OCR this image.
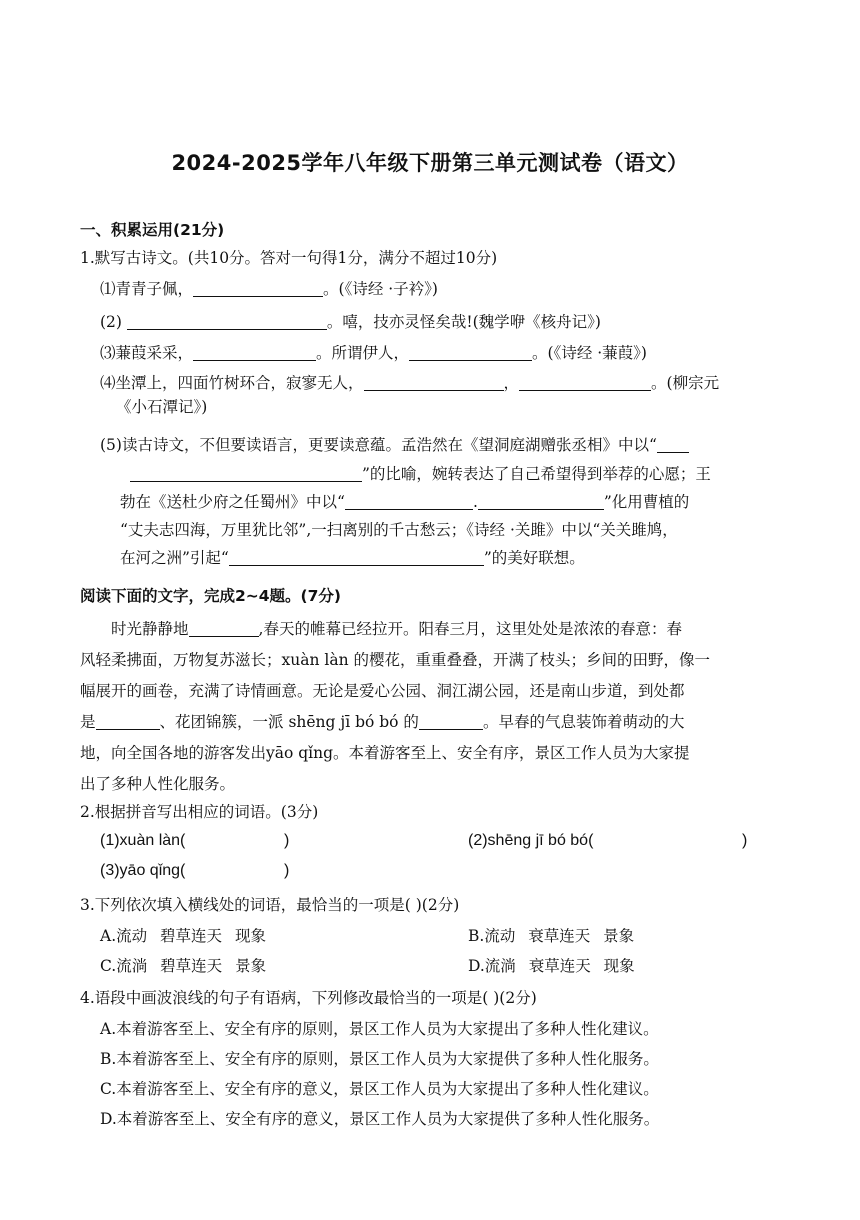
2024-2025学年八年级下册第三单元测试卷（语文）
一、积累运用(21分)
1.默写古诗文。(共10分。答对一句得1分，满分不超过10分)
⑴青青子佩，	。(《诗经 ·子衿》)
(2)	。嘻，技亦灵怪矣哉!(魏学咿《核舟记》)
⑶蒹葭采采，	。所谓伊人，	。(《诗经 ·蒹葭》)
⑷坐潭上，四面竹树环合，寂寥无人，	，	。(柳宗元
《小石潭记》)
(5)读古诗文，不但要读语言，更要读意蕴。孟浩然在《望洞庭湖赠张丞相》中以“
”的比喻，婉转表达了自己希望得到举荐的心愿；王
勃在《送杜少府之任蜀州》中以“	.	”化用曹植的
“丈夫志四海，万里犹比邻”,一扫离别的千古愁云；《诗经 ·关雎》中以“关关雎鸠，
在河之洲”引起“	”的美好联想。
阅读下面的文字，完成2~4题。(7分)
时光静静地	,春天的帷幕已经拉开。阳春三月，这里处处是浓浓的春意：春
风轻柔拂面，万物复苏滋长；xuàn làn 的樱花，重重叠叠，开满了枝头；乡间的田野，像一
幅展开的画卷，充满了诗情画意。无论是爱心公园、洞江湖公园，还是南山步道，到处都
是	、花团锦簇，一派 shēng jī bó bó 的	。早春的气息装饰着萌动的大
地，向全国各地的游客发出yāo qǐng。本着游客至上、安全有序，景区工作人员为大家提
出了多种人性化服务。
2.根据拼音写出相应的词语。(3分)
(1)xuàn làn(	)	(2)shēng jī bó bó(	)
(3)yāo qǐng(	)
3.下列依次填入横线处的词语，最恰当的一项是( )(2分)
A.流动 碧草连天 现象	B.流动 衰草连天 景象
C.流淌 碧草连天 景象	D.流淌 衰草连天 现象
4.语段中画波浪线的句子有语病，下列修改最恰当的一项是( )(2分)
A.本着游客至上、安全有序的原则，景区工作人员为大家提出了多种人性化建议。
B.本着游客至上、安全有序的原则，景区工作人员为大家提供了多种人性化服务。
C.本着游客至上、安全有序的意义，景区工作人员为大家提出了多种人性化建议。
D.本着游客至上、安全有序的意义，景区工作人员为大家提供了多种人性化服务。
